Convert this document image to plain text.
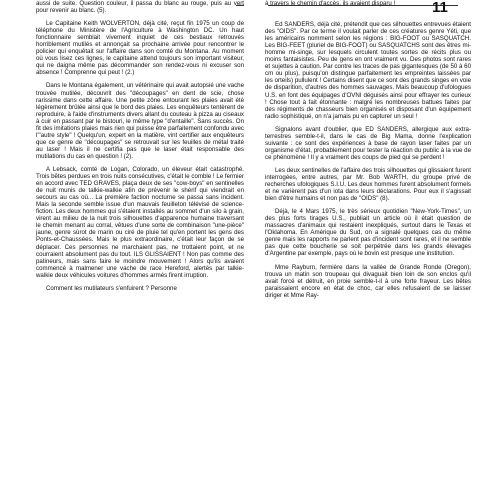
11

aussi de suite. Question couleur, il passa du blanc au rouge, puis au vert pour revenir au blanc. (5).

Le Capitaine Keith WOLVERTON, déjà cité, reçut fin 1975 un coup de téléphone du Ministère de l'Agriculture à Washington DC. Un haut fonctionnaire semblait vivement inquiet de ces bestiaux retrouvés horriblement mutilés et annonçait sa prochaine arrivée pour rencontrer le policier qui enquêtait sur l'affaire dans son comté du Montana. Au moment où vous lisez ces lignes, le capitaine attend toujours son important visiteur, qui ne daigna même pas décommander son rendez-vous ni excuser son absence ! Comprenne qui peut ! (2.)

Dans le Montana également, un vétérinaire qui avait autopsié une vache trouvée mutilée, découvrit des "découpages" en dent de scie, chose rarissime dans cette affaire. Une petite zône entourant les plaies avait été légèrement brûlée ainsi que le bord des plaies. Les enquêteurs tentèrent de reproduire, à l'aide d'instruments divers allant du couteau à pizza au ciseaux à cuir en passant par le bistouri, le même type "d'entaille". Sans succès. On fit des imitations plaies mais rien qui puisse être parfaitement confondu avec l'"autre style" ! Quelqu'un, expert en la matière, vint certifier aux enquêteurs que ce genre de "découpages" se retrouvait sur les feuilles de métal traité au laser ! Mais il ne certifia pas que le laser était responsable des mutilations du cas en question ! (2).

A Lebsack, comté de Logan, Colorado, un éleveur était catastrophé. Trois bêtes perdues en trois nuits consécutives, c'était le comble ! Le fermier en accord avec TED GRAVES, plaça deux de ses "cow-boys" en sentinelles de nuit munis de talkie-walkie afin de prévenir le shérif qui viendrait en secours au cas où... La première faction nocturne se passa sans incident. Mais la seconde semble issue d'un mauvais feuilleton télévisé de science-fiction. Les deux hommes qui s'étaient installés au sommet d'un silo à grain, virent au milieu de la nuit trois silhouettes d'apparence humaine traversant le chemin menant au corral, vêtues d'une sorte de combinaison "une-pièce" jaune, genre sùrot de marin ou ciré de pluie tel qu'en portent les gens des Ponts-et-Chaussées. Mais le plus extraordinaire, c'était leur façon de se déplacer. Ces personnes ne marchaient pas, ne trottaient point, et ne courraient absolument pas du tout. ILS GLISSAIENT ! Non pas comme des patineurs, mais sans faire le moindre mouvement ! Alors qu'ils avaient commencé à malmener une vache de race Hereford, alertés par talkie-walkie deux véhicules voitures d'hommes armés firent irruption.

Comment les mutilateurs s'enfuirent ? Personne

à travers le chemin d'accès, ils avaient disparu !

Ed SANDERS, déjà cité, prétendit que ces silhouettes entrevues étaient des "OIDS". Par ce terme il voulait parler de ces créatures genre Yéti, que les américains nomment selon les régions : BIG-FOOT ou SASQUATCH. Les BIG-FEET (pluriel de BIG-FOOT) ou SASQUATCHS sont des êtres mi-homme mi-singe, sur lesquels circulent toutes sortes de récits plus ou moins fantaisistes. Peu de gens en ont vraiment vu. Des photos sont rares et sujettes à caution. Par contre les traces de pas gigantesques (de 50 à 60 cm ou plus), puisqu'on distingue parfaitement les empreintes laissées par les orteils) pullulent ! Certains disent que ce sont des grands singes en voie de disparition, d'autres des hommes sauvages. Mais beaucoup d'ufologues U.S. en font des équipages d'OVNI déguisés ainsi pour effrayer les curieux ! Chose tout à fait étonnante : malgré les nombreuses battues faites par des régiments de chasseurs bien organisés et disposant d'un équipement radio sophistiqué, on n'a jamais pu en capturer un seul !

Signalons avant d'oublier, que ED SANDERS, allergique aux extra-terrestres semble-t-il, dans le cas de Big Mama, donne l'explication suivante : ce sont des expériences à base de rayon laser faites par un organisme d'état, probablement pour tester la réaction du public à la vue de ce phénomène ! Il y a vraiment des coups de pied qui se perdent !

Les deux sentinelles de l'affaire des trois silhouettes qui glissaient furent interrogées, entre autres, par Mr. Bob WARTH, du groupe privé de recherches ufologiques S.I.U. Les deux hommes furent absolument formels et ne varièrent pas d'un iota dans leurs déclarations. Pour eux il s'agissait bien d'être humains et non pas de "OIDS" (8).

Déjà, le 4 Mars 1975, le très sérieux quotidien "New-York-Times", un des plus forts tirages U.S., publiait un article où il était question de massacres d'animaux qui restaient inexpliqués, surtout dans le Texas et l'Oklahoma. En Amérique du Sud, on a signalé quelques cas du même genre mais les rapports ne parlent pas d'incident sont rares, et il ne semble pas que cette boucherie se soit perpétrée dans les grands élevages d'Argentine par exemple, pays où le bovin est presque une institution.

Mme Rayburn, fermière dans la vallée de Grande Ronde (Oregon), trouva un matin son troupeau qui divaguait bien loin de son enclos qu'il avait forcé et détruit, en proie semble-t-il à une forte frayeur. Les bêtes paraissaient encore en état de choc, car elles refusaient de se laisser diriger et Mme Ray-
